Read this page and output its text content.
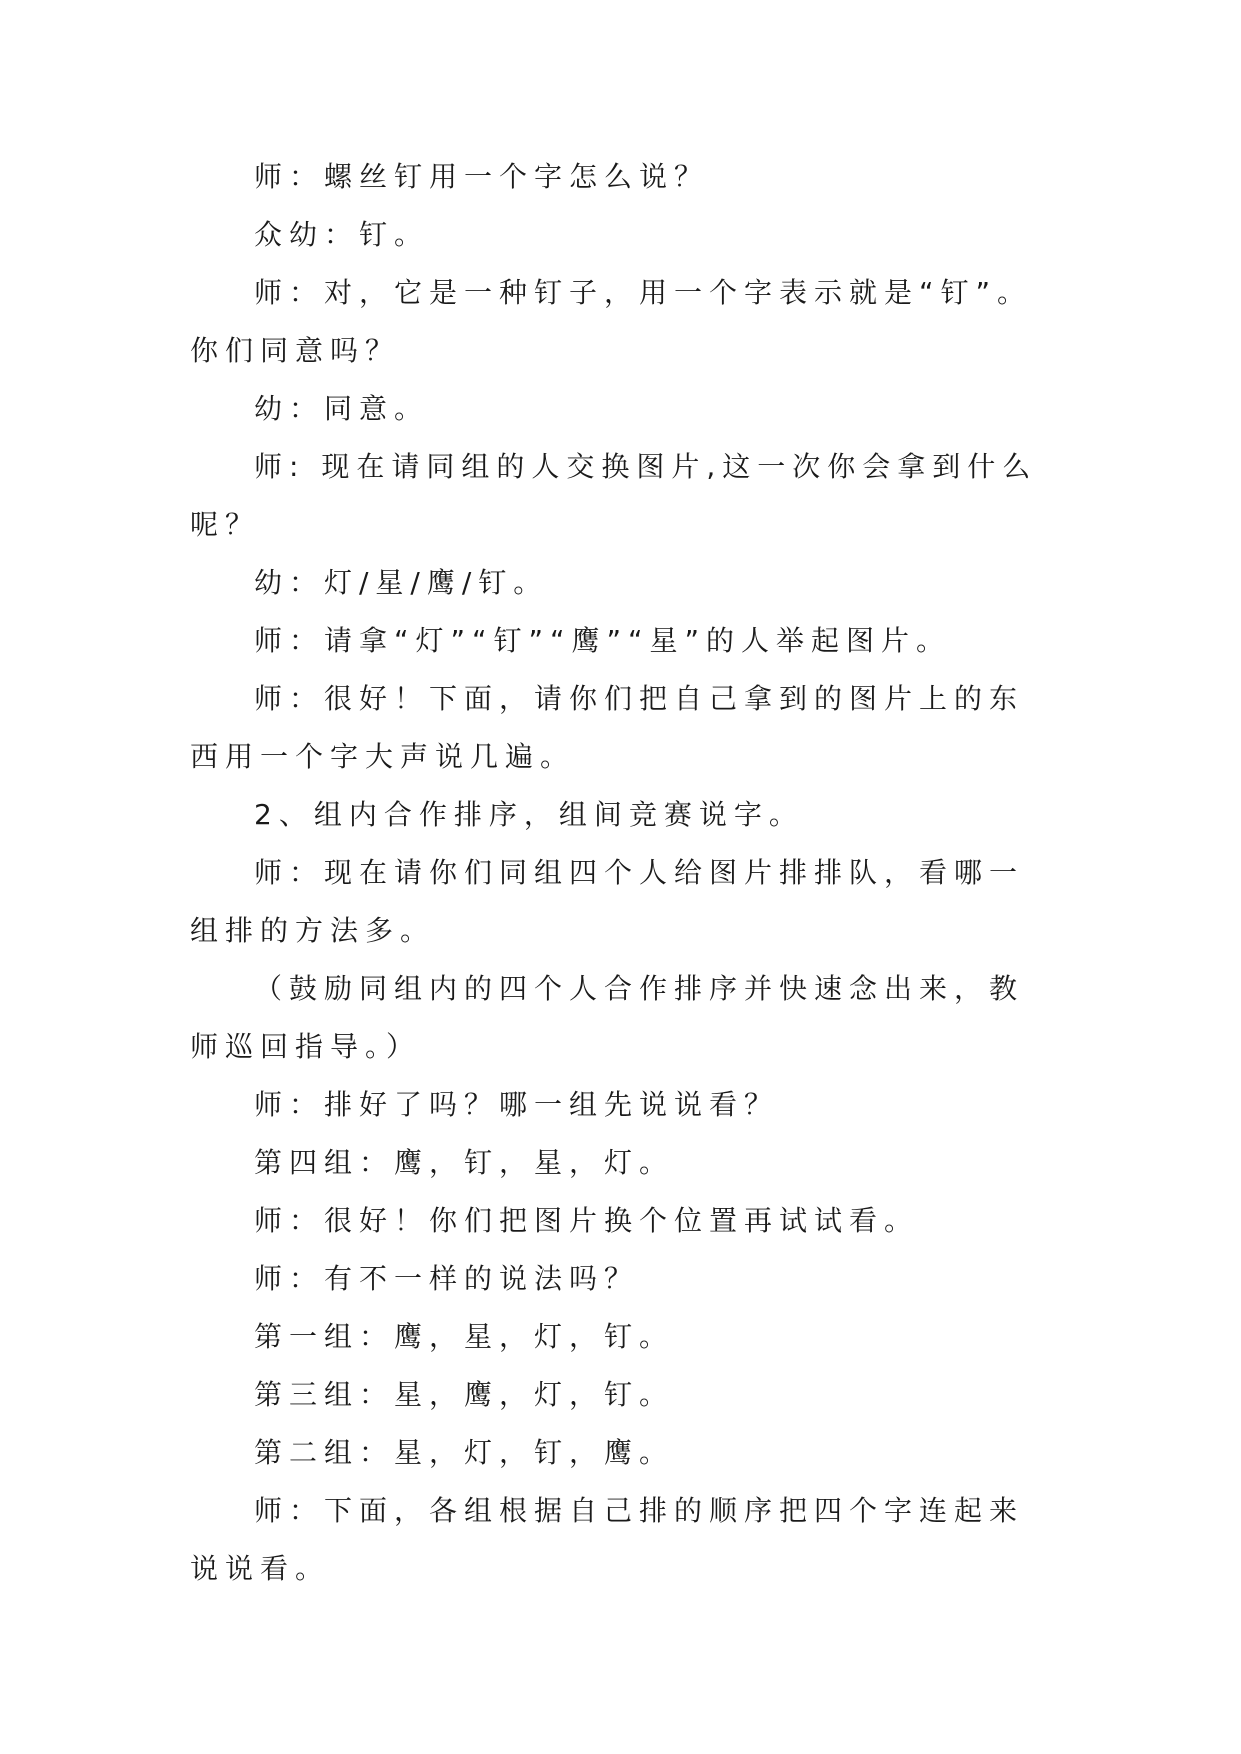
师：螺丝钉用一个字怎么说？

众幼：钉。

师：对，它是一种钉子，用一个字表示就是“钉”。你们同意吗？

幼：同意。

师: 现在请同组的人交换图片,这一次你会拿到什么呢？

幼：灯/星/鹰/钉。

师：请拿“灯”“钉”“鹰”“星”的人举起图片。

师：很好！下面，请你们把自己拿到的图片上的东西用一个字大声说几遍。

2、组内合作排序，组间竞赛说字。

师：现在请你们同组四个人给图片排排队，看哪一组排的方法多。

（鼓励同组内的四个人合作排序并快速念出来，教师巡回指导。）

师：排好了吗？哪一组先说说看？

第四组：鹰，钉，星，灯。

师：很好！你们把图片换个位置再试试看。

师：有不一样的说法吗？

第一组：鹰，星，灯，钉。

第三组：星，鹰，灯，钉。

第二组：星，灯，钉，鹰。

师：下面，各组根据自己排的顺序把四个字连起来说说看。
